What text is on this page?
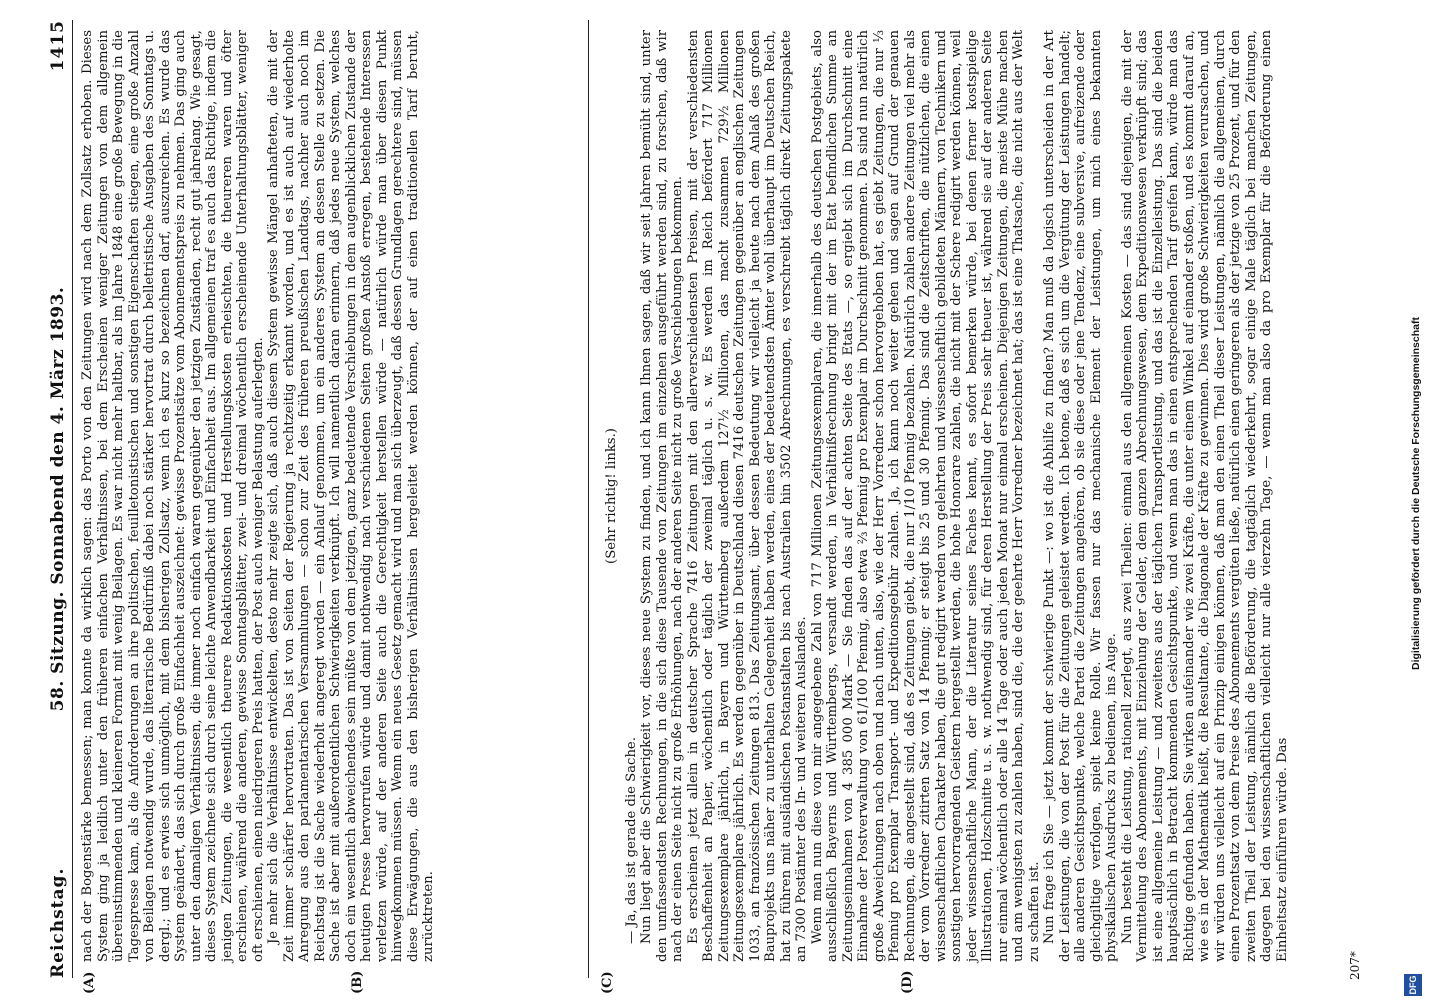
Reichstag.
58. Sitzung. Sonnabend den 4. März 1893.
1415
(A)	(B)

nach der Bogenstärke bemessen; man konnte da wirklich sagen: das Porto von den Zeitungen wird nach dem Zollsatz erhoben. Dieses System ging ja leidlich unter den früheren einfachen Verhältnissen, bei dem Erscheinen weniger Zeitungen von dem allgemein übereinstimmenden und kleineren Format mit wenig Beilagen. Es war nicht mehr haltbar, als im Jahre 1848 eine große Bewegung in die Tagespresse kam, als die Anforderungen an ihre politischen, feuilletonistischen und sonstigen Eigenschaften stiegen, eine große Anzahl von Beilagen notwendig wurde, das literarische Bedürfniß dabei noch stärker hervortrat durch belletristische Ausgaben des Sonntags u. dergl.; und es erwies sich unmöglich, mit dem bisherigen Zollsatz, wenn ich es kurz so bezeichnen darf, auszureichen. Es wurde das System geändert, das sich durch große Einfachheit auszeichnet: gewisse Prozentsätze vom Abonnementspreis zu nehmen. Das ging auch unter den damaligen Verhältnissen, die immer noch einfach waren gegenüber den jetzigen Zuständen, recht gut jahrelang. Wie gesagt, dieses System zeichnete sich durch seine leichte Anwendbarkeit und Einfachheit aus. Im allgemeinen traf es auch das Richtige, indem die jenigen Zeitungen, die wesentlich theurere Redaktionskosten und Herstellungskosten erheischten, die theureren waren und öfter erschienen, während die anderen, gewisse Sonntagsblätter, zwei- und dreimal wöchentlich erscheinende Unterhaltungsblätter, weniger oft erschienen, einen niedrigeren Preis hatten, der Post auch weniger Belastung auferlegten. Je mehr sich die Verhältnisse entwickelten, desto mehr zeigte sich, daß auch diesem System gewisse Mängel anhafteten, die mit der Zeit immer schärfer hervortraten. Das ist von Seiten der Regierung ja rechtzeitig erkannt worden, und es ist auch auf wiederholte Anregung aus den parlamentarischen Versammlungen — schon zur Zeit des früheren preußischen Landtags, nachher auch noch im Reichstag ist die Sache wiederholt angeregt worden — ein Anlauf genommen, um ein anderes System an dessen Stelle zu setzen. Die Sache ist aber mit außerordentlichen Schwierigkeiten verknüpft. Ich will namentlich daran erinnern, daß jedes neue System, welches doch ein wesentlich abweichendes sein müßte von dem jetzigen, ganz bedeutende Verschiebungen in dem augenblicklichen Zustande der heutigen Presse hervorrufen würde und damit nothwendig nach verschiedenen Seiten großen Anstoß erregen, bestehende Interessen verletzen würde, auf der anderen Seite auch die Gerechtigkeit herstellen würde — natürlich würde man über diesen Punkt hinwegkommen müssen. Wenn ein neues Gesetz gemacht wird und man sich überzeugt, daß dessen Grundlagen gerechtere sind, müssen diese Erwägungen, die aus den bisherigen Verhältnissen hergeleitet werden können, der auf einen traditionellen Tarif beruht, zurücktreten.

(C)	(D)

(Sehr richtig! links.)

— Ja, das ist gerade die Sache. Nun liegt aber die Schwierigkeit vor, dieses neue System zu finden, und ich kann Ihnen sagen, daß wir seit Jahren bemüht sind, unter den umfassendsten Rechnungen, in die sich diese Tausende von Zeitungen im einzelnen ausgeführt werden sind, zu forschen, daß wir nach der einen Seite nicht zu große Erhöhungen, nach der anderen Seite nicht zu große Verschiebungen bekommen. Es erscheinen jetzt allein in deutscher Sprache 7416 Zeitungen mit den allerverschiedensten Preisen, mit der verschiedensten Beschaffenheit an Papier, wöchentlich oder täglich der zweimal täglich u. s. w. Es werden im Reich befördert 717 Millionen Zeitungsexemplare jährlich, in Bayern und Württemberg außerdem 127½ Millionen, das macht zusammen 729½ Millionen Zeitungsexemplare jährlich. Es werden gegenüber in Deutschland diesen 7416 deutschen Zeitungen gegenüber an englischen Zeitungen 1033, an französischen Zeitungen 813. Das Zeitungsamt, über dessen Bedeutung wir vielleicht ja heute nach dem Anlaß des großen Bauprojekts uns näher zu unterhalten Gelegenheit haben werden, eines der bedeutendsten Ämter wohl überhaupt im Deutschen Reich, hat zu führen mit ausländischen Postanstalten bis nach Australien hin 3502 Abrechnungen, es verschreibt täglich direkt Zeitungspakete an 7300 Postämter des In- und weiteren Auslandes. Wenn man nun diese von mir angegebene Zahl von 717 Millionen Zeitungsexemplaren, die innerhalb des deutschen Postgebiets, also ausschließlich Bayerns und Württembergs, versandt werden, in Verhältnißrechnung bringt mit der im Etat befindlichen Summe an Zeitungseinnahmen von 4 385 000 Mark — Sie finden das auf der achten Seite des Etats —, so ergiebt sich im Durchschnitt eine Einnahme der Postverwaltung von 61/100 Pfennig, also etwa ⅔ Pfennig pro Exemplar im Durchschnitt genommen. Da sind nun natürlich große Abweichungen nach oben und nach unten, also, wie der Herr Vorredner schon hervorgehoben hat, es giebt Zeitungen, die nur ⅓ Pfennig pro Exemplar Transport- und Expeditionsgebühr zahlen. Ja, ich kann noch weiter gehen und sagen auf Grund der genauen Rechnungen, die angestellt sind, daß es Zeitungen giebt, die nur 1/10 Pfennig bezahlen. Natürlich zahlen andere Zeitungen viel mehr als der vom Vorredner zitirten Satz von 14 Pfennig; er steigt bis 25 und 30 Pfennig. Das sind die Zeitschriften, die nützlichen, die einen wissenschaftlichen Charakter haben, die gut redigirt werden von gelehrten und wissenschaftlich gebildeten Männern, von Technikern und sonstigen hervorragenden Geistern hergestellt werden, die hohe Honorare zahlen, die nicht mit der Schere redigirt werden können, weil jeder wissenschaftliche Mann, der die Literatur seines Faches kennt, es sofort bemerken würde, bei denen ferner kostspielige Illustrationen, Holzschnitte u. s. w. nothwendig sind, für deren Herstellung der Preis sehr theuer ist, während sie auf der anderen Seite nur einmal wöchentlich oder alle 14 Tage oder auch jeden Monat nur einmal erscheinen. Diejenigen Zeitungen, die meiste Mühe machen und am wenigsten zu zahlen haben, sind die, die der geehrte Herr Vorredner bezeichnet hat; das ist eine Thatsache, die nicht aus der Welt zu schaffen ist. Nun frage ich Sie — jetzt kommt der schwierige Punkt —: wo ist die Abhilfe zu finden? Man muß da logisch unterscheiden in der Art der Leistungen, die von der Post für die Zeitungen geleistet werden. Ich betone, daß es sich um die Vergütung der Leistungen handelt; alle anderen Gesichtspunkte, welche Partei die Zeitungen angehören, ob sie diese oder jene Tendenz, eine subversive, aufreizende oder gleichgiltige verfolgen, spielt keine Rolle. Wir fassen nur das mechanische Element der Leistungen, um mich eines bekannten physikalischen Ausdrucks zu bedienen, ins Auge. Nun besteht die Leistung, rationell zerlegt, aus zwei Theilen: einmal aus den allgemeinen Kosten — das sind diejenigen, die mit der Vermittelung des Abonnements, mit Einziehung der Gelder, dem ganzen Abrechnungswesen, dem Expeditionswesen verknüpft sind; das ist eine allgemeine Leistung — und zweitens aus der täglichen Transportleistung, und das ist die Einzelleistung. Das sind die beiden hauptsächlich in Betracht kommenden Gesichtspunkte, und wenn man das in einen entsprechenden Tarif greifen kann, würde man das Richtige gefunden haben. Sie wirken aufeinander wie zwei Kräfte, die unter einem Winkel auf einander stoßen, und es kommt darauf an, wie es in der Mathematik heißt, die Resultante, die Diagonale der Kräfte zu gewinnen. Dies wird große Schwierigkeiten verursachen, und wir würden uns vielleicht auf ein Prinzip einigen können, daß man den einen Theil dieser Leistungen, nämlich die allgemeinen, durch einen Prozentsatz von dem Preise des Abonnements vergüten ließe, natürlich einen geringeren als der jetzige von 25 Prozent, und für den zweiten Theil der Leistung, nämlich die Beförderung, die tagtäglich wiederkehrt, sogar einige Male täglich bei manchen Zeitungen, dagegen bei den wissenschaftlichen vielleicht nur alle vierzehn Tage, — wenn man also da pro Exemplar für die Beförderung einen Einheitsatz einführen würde. Das

207*
DFG
Digitalisierung gefördert durch die Deutsche Forschungsgemeinschaft
